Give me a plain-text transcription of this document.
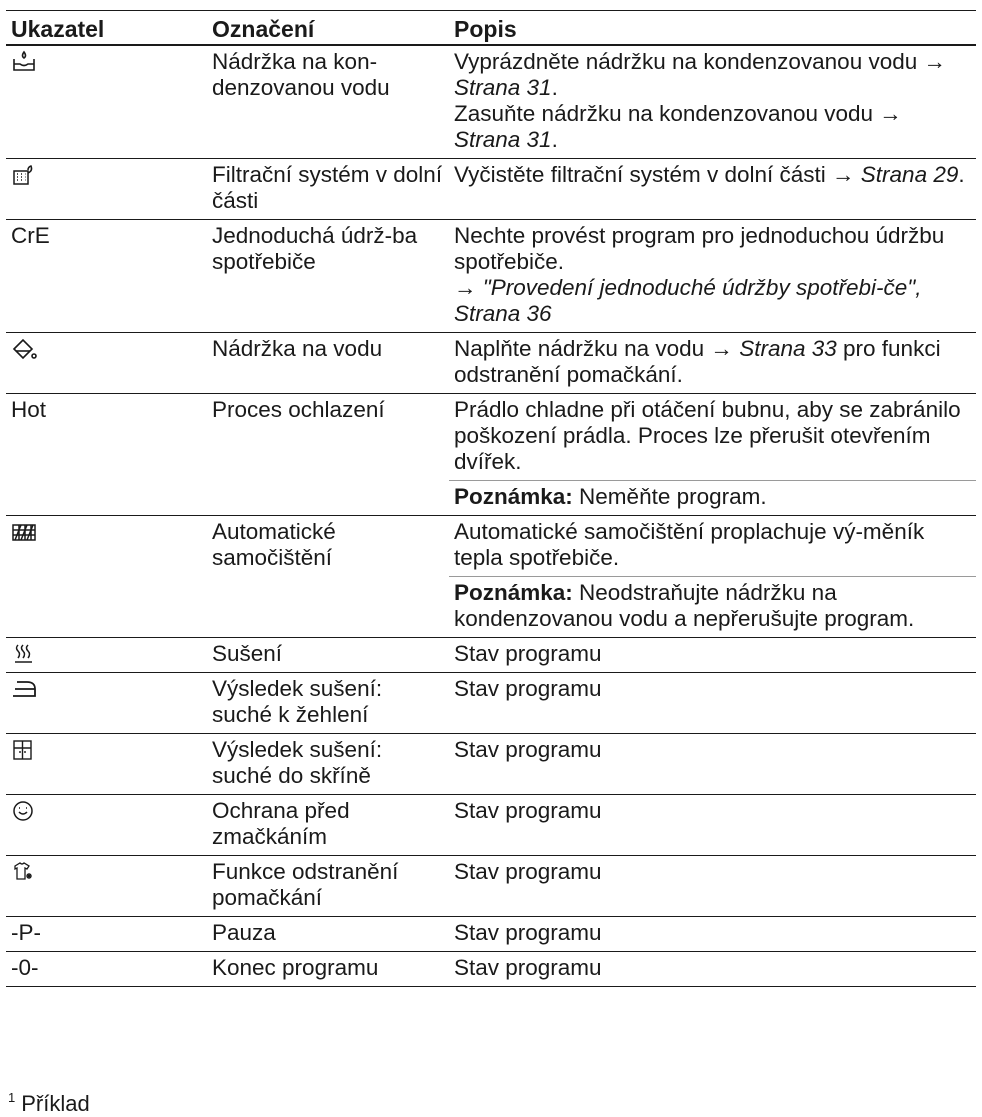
Ukazatel	Označení	Popis

	Nádržka na kon-denzovanou vodu	Vyprázdněte nádržku na kondenzovanou vodu → Strana 31.
Zasuňte nádržku na kondenzovanou vodu → Strana 31.

	Filtrační systém v dolní části	Vyčistěte filtrační systém v dolní části → Strana 29.
CrE	Jednoduchá údrž-ba spotřebiče	Nechte provést program pro jednoduchou údržbu spotřebiče.
→ "Provedení jednoduché údržby spotřebi-če", Strana 36

	Nádržka na vodu	Naplňte nádržku na vodu → Strana 33 pro funkci odstranění pomačkání.
Hot	Proces ochlazení	Prádlo chladne při otáčení bubnu, aby se zabránilo poškození prádla. Proces lze přerušit otevřením dvířek.
		Poznámka: Neměňte program.

	Automatické samočištění	Automatické samočištění proplachuje vý-měník tepla spotřebiče.
		Poznámka: Neodstraňujte nádržku na kondenzovanou vodu a nepřerušujte program.

	Sušení	Stav programu

	Výsledek sušení: suché k žehlení	Stav programu

	Výsledek sušení: suché do skříně	Stav programu

	Ochrana před zmačkáním	Stav programu

	Funkce odstranění pomačkání	Stav programu
-P-	Pauza	Stav programu
-0-	Konec programu	Stav programu
$^1$ Příklad
